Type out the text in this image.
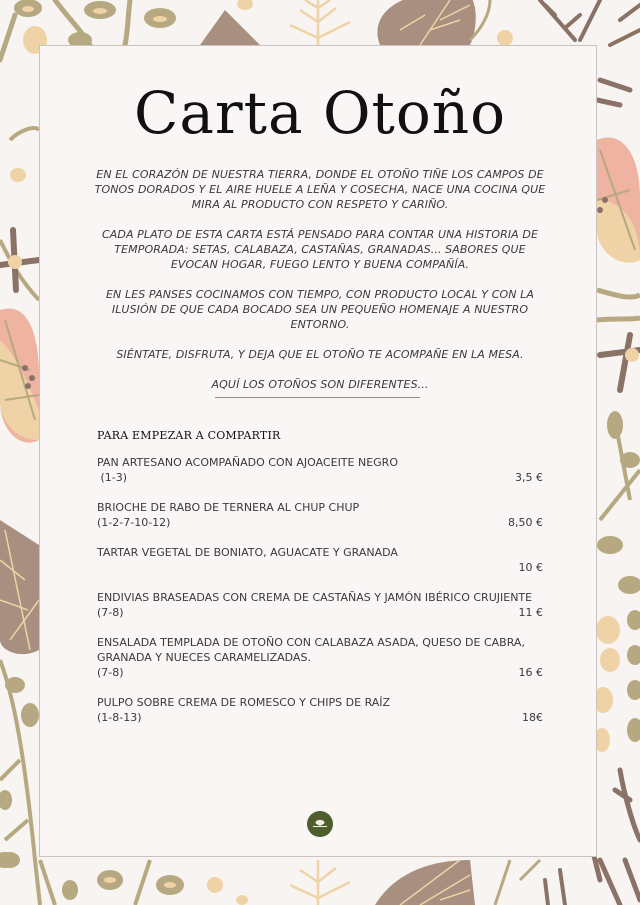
Carta Otoño

EN EL CORAZÓN DE NUESTRA TIERRA, DONDE EL OTOÑO TIÑE LOS CAMPOS DE TONOS DORADOS Y EL AIRE HUELE A LEÑA Y COSECHA, NACE UNA COCINA QUE MIRA AL PRODUCTO CON RESPETO Y CARIÑO.

CADA PLATO DE ESTA CARTA ESTÁ PENSADO PARA CONTAR UNA HISTORIA DE TEMPORADA: SETAS, CALABAZA, CASTAÑAS, GRANADAS... SABORES QUE EVOCAN HOGAR, FUEGO LENTO Y BUENA COMPAÑÍA.

EN LES PANSES COCINAMOS CON TIEMPO, CON PRODUCTO LOCAL Y CON LA ILUSIÓN DE QUE CADA BOCADO SEA UN PEQUEÑO HOMENAJE A NUESTRO ENTORNO.

SIÉNTATE, DISFRUTA, Y DEJA QUE EL OTOÑO TE ACOMPAÑE EN LA MESA.

AQUÍ LOS OTOÑOS SON DIFERENTES...

PARA EMPEZAR A COMPARTIR
PAN ARTESANO ACOMPAÑADO CON AJOACEITE NEGRO
(1-3)	3,5 €
BRIOCHE DE RABO DE TERNERA AL CHUP CHUP
(1-2-7-10-12)	8,50 €
TARTAR VEGETAL DE BONIATO, AGUACATE Y GRANADA
10 €
ENDIVIAS BRASEADAS CON CREMA DE CASTAÑAS Y JAMÓN IBÉRICO CRUJIENTE
(7-8)	11 €
ENSALADA TEMPLADA DE OTOÑO CON CALABAZA ASADA, QUESO DE CABRA, GRANADA Y NUECES CARAMELIZADAS.
(7-8)	16 €
PULPO SOBRE CREMA DE ROMESCO Y CHIPS DE RAÍZ
(1-8-13)	18€
